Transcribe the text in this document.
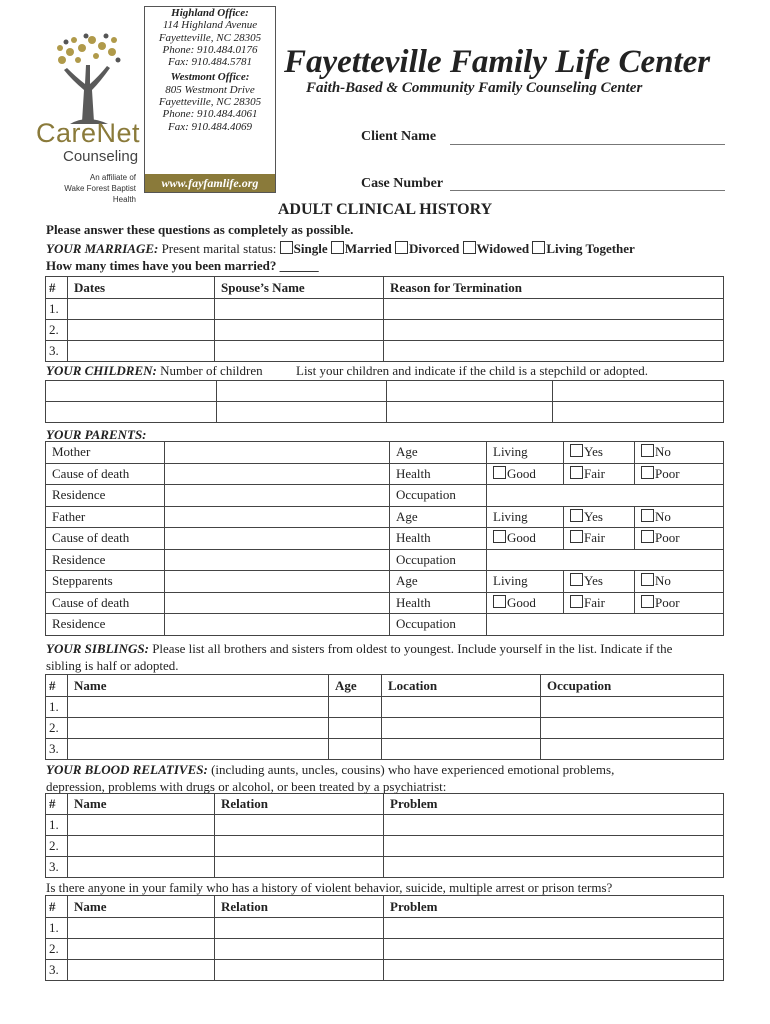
CareNet
Counseling
An affiliate of
Wake Forest Baptist Health
Highland Office:
114 Highland Avenue
Fayetteville, NC 28305
Phone: 910.484.0176
Fax: 910.484.5781
Westmont Office:
805 Westmont Drive
Fayetteville, NC 28305
Phone: 910.484.4061
Fax: 910.484.4069
www.fayfamlife.org
Fayetteville Family Life Center
Faith-Based & Community Family Counseling Center
Client Name
Case Number
ADULT CLINICAL HISTORY
Please answer these questions as completely as possible.
YOUR MARRIAGE: Present marital status: Single Married Divorced Widowed Living Together
How many times have you been married? ______
#	Dates	Spouse’s Name	Reason for Termination
1.			
2.			
3.			
YOUR CHILDREN: Number of children	List your children and indicate if the child is a stepchild or adopted.

YOUR PARENTS:
Mother		Age	Living	Yes	No
Cause of death		Health	Good	Fair	Poor
Residence		Occupation			
Father		Age	Living	Yes	No
Cause of death		Health	Good	Fair	Poor
Residence		Occupation			
Stepparents		Age	Living	Yes	No
Cause of death		Health	Good	Fair	Poor
Residence		Occupation			
YOUR SIBLINGS: Please list all brothers and sisters from oldest to youngest. Include yourself in the list. Indicate if the
sibling is half or adopted.
#	Name	Age	Location	Occupation
1.				
2.				
3.				
YOUR BLOOD RELATIVES: (including aunts, uncles, cousins) who have experienced emotional problems,
depression, problems with drugs or alcohol, or been treated by a psychiatrist:
#	Name	Relation	Problem
1.			
2.			
3.			
Is there anyone in your family who has a history of violent behavior, suicide, multiple arrest or prison terms?
#	Name	Relation	Problem
1.			
2.			
3.			
